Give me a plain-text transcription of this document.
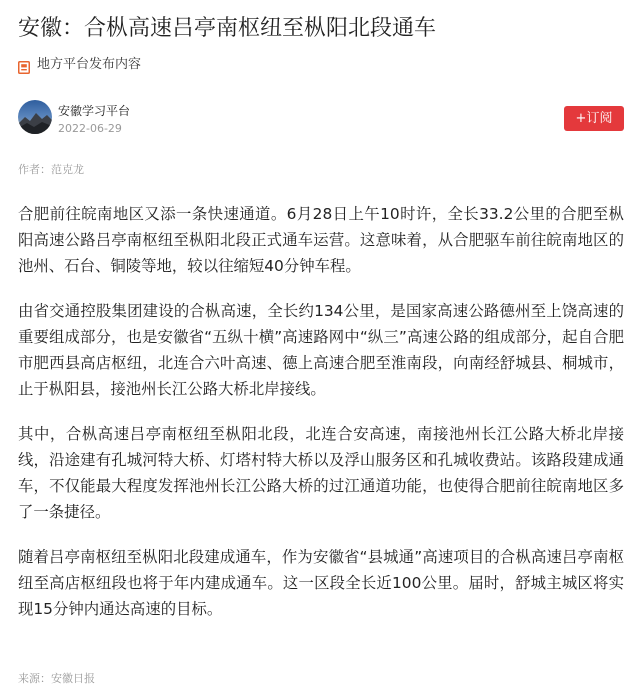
安徽：合枞高速吕亭南枢纽至枞阳北段通车
地方平台发布内容
安徽学习平台
2022-06-29
+订阅
作者：范克龙

合肥前往皖南地区又添一条快速通道。6月28日上午10时许，全长33.2公里的合肥至枞阳高速公路吕亭南枢纽至枞阳北段正式通车运营。这意味着，从合肥驱车前往皖南地区的池州、石台、铜陵等地，较以往缩短40分钟车程。

由省交通控股集团建设的合枞高速，全长约134公里，是国家高速公路德州至上饶高速的重要组成部分，也是安徽省“五纵十横”高速路网中“纵三”高速公路的组成部分，起自合肥市肥西县高店枢纽，北连合六叶高速、德上高速合肥至淮南段，向南经舒城县、桐城市，止于枞阳县，接池州长江公路大桥北岸接线。

其中，合枞高速吕亭南枢纽至枞阳北段，北连合安高速，南接池州长江公路大桥北岸接线，沿途建有孔城河特大桥、灯塔村特大桥以及浮山服务区和孔城收费站。该路段建成通车，不仅能最大程度发挥池州长江公路大桥的过江通道功能，也使得合肥前往皖南地区多了一条捷径。

随着吕亭南枢纽至枞阳北段建成通车，作为安徽省“县城通”高速项目的合枞高速吕亭南枢纽至高店枢纽段也将于年内建成通车。这一区段全长近100公里。届时，舒城主城区将实现15分钟内通达高速的目标。

来源：安徽日报
